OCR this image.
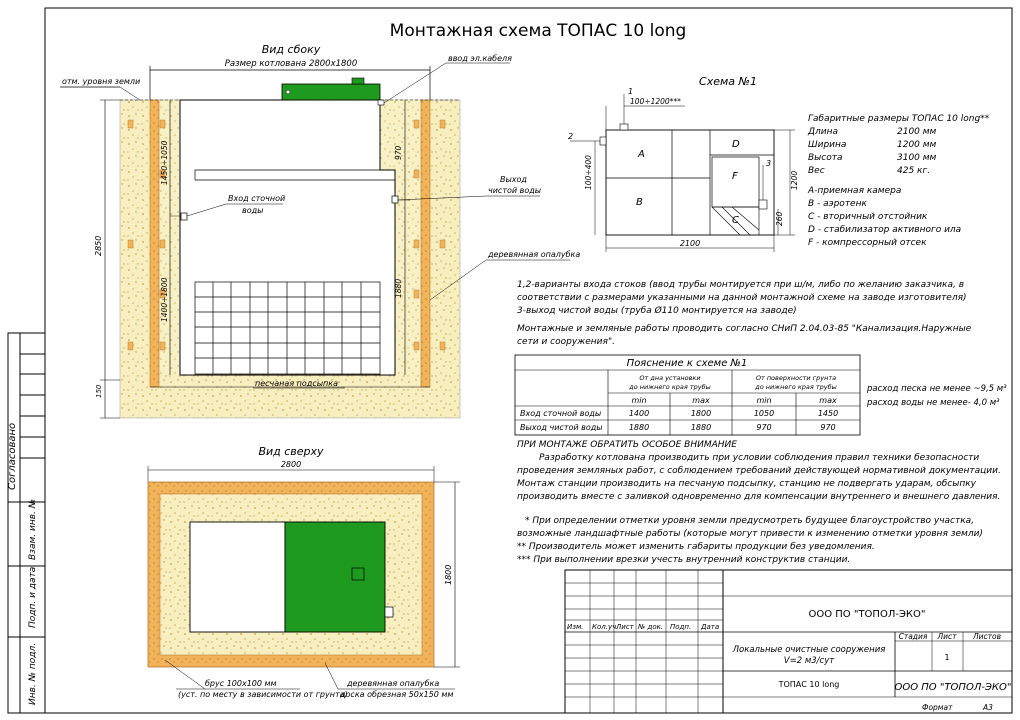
Согласовано
Взам. инв. №
Подп. и дата
Инв. № подл.
Монтажная схема ТОПАС 10 long
Вид сбоку
Размер котлована 2800х1800
отм. уровня земли
ввод эл.кабеля
Выход
чистой воды
Вход сточной
воды
деревянная опалубка
песчаная подсыпка
2850
150
1450÷1050
1400÷1800
970
1880
Вид сверху
2800
1800
брус 100х100 мм
(уст. по месту в зависимости от грунта)
деревянная опалубка
доска обрезная 50х150 мм
Схема №1
A
B
C
D
F
1
100÷1200***
2
100÷400	3
1200
260
2100
Габаритные размеры ТОПАС 10 long**
Длина	2100 мм
Ширина	1200 мм
Высота	3100 мм
Вес	425 кг.
A-приемная камера
B - аэротенк
C - вторичный отстойник
D - стабилизатор активного ила
F - компрессорный отсек
1,2-варианты входа стоков (ввод трубы монтируется при ш/м, либо по желанию заказчика, в
соответствии с размерами указанными на данной монтажной схеме на заводе изготовителя)
3-выход чистой воды (труба Ø110 монтируется на заводе)
Монтажные и земляные работы проводить согласно СНиП 2.04.03-85 "Канализация.Наружные
сети и сооружения".
Пояснение к схеме №1
От дна установки
до нижнего края трубы
От поверхности грунта
до нижнего края трубы
min	max	min	max
Вход сточной воды	1400	1800	1050	1450
Выход чистой воды	1880	1880	970	970
расход песка не менее ~9,5 м³
расход воды не менее- 4,0 м³
ПРИ МОНТАЖЕ ОБРАТИТЬ ОСОБОЕ ВНИМАНИЕ
Разработку котлована производить при условии соблюдения правил техники безопасности
проведения земляных работ, с соблюдением требований действующей нормативной документации.
Монтаж станции производить на песчаную подсыпку, станцию не подвергать ударам, обсыпку
производить вместе с заливкой одновременно для компенсации внутреннего и внешнего давления.
* При определении отметки уровня земли предусмотреть будущее благоустройство участка,
возможные ландшафтные работы (которые могут привести к изменению отметки уровня земли)
** Производитель может изменить габариты продукции без уведомления.
*** При выполнении врезки учесть внутренний конструктив станции.
Изм. Кол.уч Лист № док. Подп. Дата
ООО ПО "ТОПОЛ-ЭКО"
Локальные очистные сооружения
V=2 м3/сут
Стадия Лист Листов
1
ТОПАС 10 long	ООО ПО "ТОПОЛ-ЭКО"
Формат	А3
